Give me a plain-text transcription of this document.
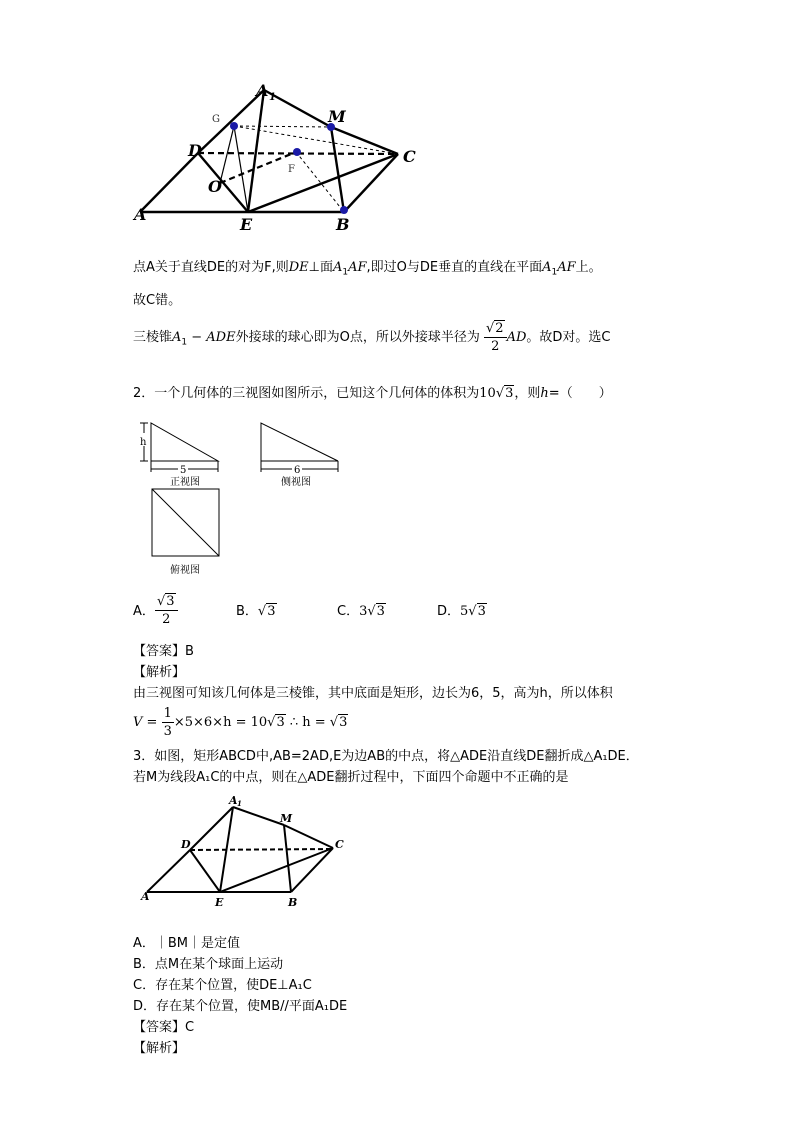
A 1
M
D	C
O
A
E	B
G
F
点A关于直线DE的对为F,则DE⊥面$A_1AF$,即过O与DE垂直的直线在平面$A_1AF$上。
故C错。
三棱锥$A_1$ − ADE外接球的球心即为O点，所以外接球半径为 $\frac{√2}{2}$ AD。故D对。选C
2．一个几何体的三视图如图所示，已知这个几何体的体积为10√3，则h=（　　）
h
5
正视图
6
侧视图
俯视图
A． $\frac{√3}{2}$	B．√3	C．3√3	D．5√3
【答案】B
【解析】
由三视图可知该几何体是三棱锥，其中底面是矩形，边长为6，5，高为h，所以体积
$V = \frac{1}{3} \times 5\times 6\times h = 10√3$ ∴ h = √3
3．如图，矩形ABCD中,AB=2AD,E为边AB的中点，将△ADE沿直线DE翻折成△A₁DE．
若M为线段A₁C的中点，则在△ADE翻折过程中，下面四个命题中不正确的是
A 1
M
D	C
A	E	B
A．｜BM｜是定值
B．点M在某个球面上运动
C．存在某个位置，使DE⊥A₁C
D．存在某个位置，使MB//平面A₁DE
【答案】C
【解析】
